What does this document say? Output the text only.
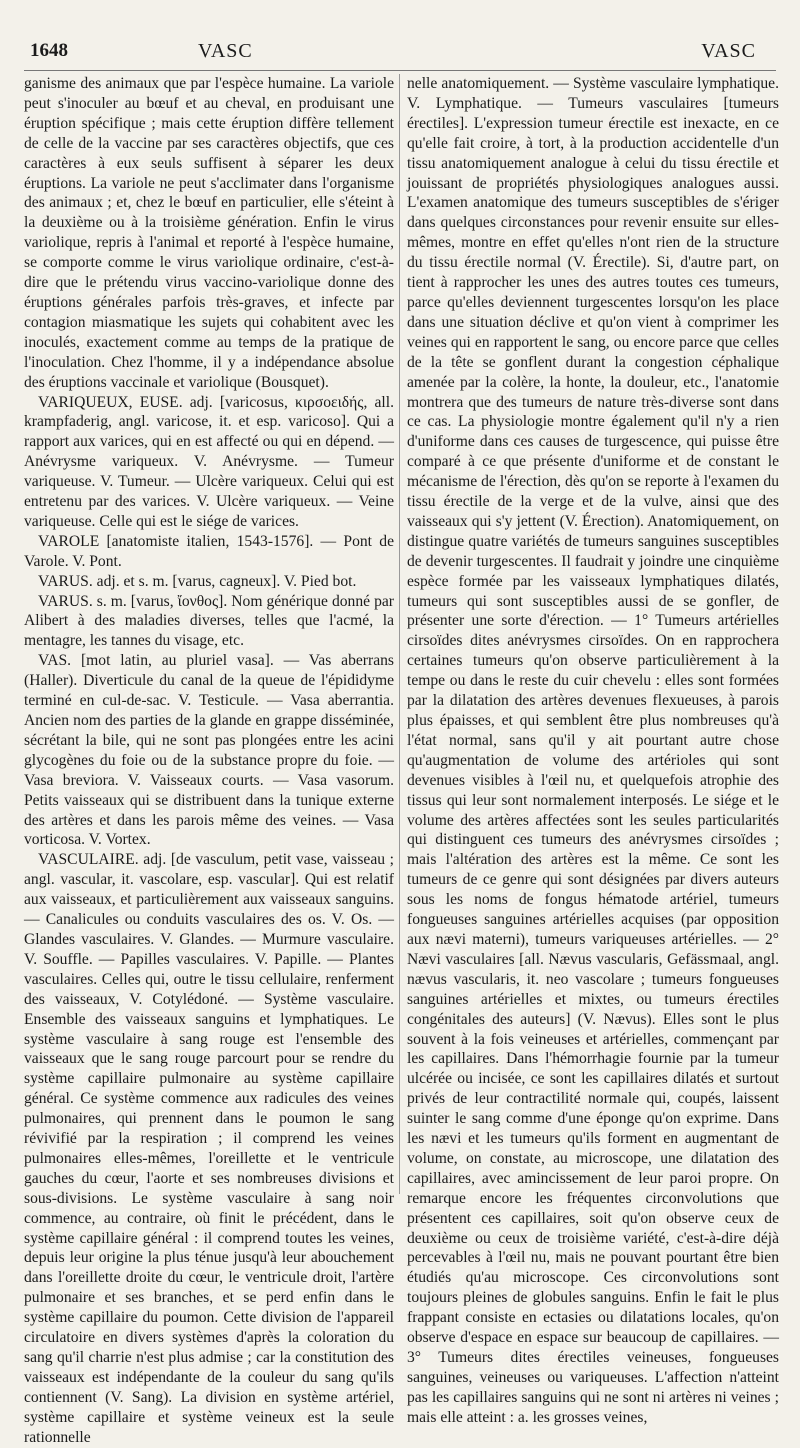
1648	VASC	VASC

ganisme des animaux que par l'espèce humaine. La variole peut s'inoculer au bœuf et au cheval, en produisant une éruption spécifique ; mais cette éruption diffère tellement de celle de la vaccine par ses caractères objectifs, que ces caractères à eux seuls suffisent à séparer les deux éruptions. La variole ne peut s'acclimater dans l'organisme des animaux ; et, chez le bœuf en particulier, elle s'éteint à la deuxième ou à la troisième génération. Enfin le virus variolique, repris à l'animal et reporté à l'espèce humaine, se comporte comme le virus variolique ordinaire, c'est-à-dire que le prétendu virus vaccino-variolique donne des éruptions générales parfois très-graves, et infecte par contagion miasmatique les sujets qui cohabitent avec les inoculés, exactement comme au temps de la pratique de l'inoculation. Chez l'homme, il y a indépendance absolue des éruptions vaccinale et variolique (Bousquet).

VARIQUEUX, EUSE. adj. [varicosus, κιρσοειδής, all. krampfaderig, angl. varicose, it. et esp. varicoso]. Qui a rapport aux varices, qui en est affecté ou qui en dépend. — Anévrysme variqueux. V. Anévrysme. — Tumeur variqueuse. V. Tumeur. — Ulcère variqueux. Celui qui est entretenu par des varices. V. Ulcère variqueux. — Veine variqueuse. Celle qui est le siége de varices.

VAROLE [anatomiste italien, 1543-1576]. — Pont de Varole. V. Pont.

VARUS. adj. et s. m. [varus, cagneux]. V. Pied bot.

VARUS. s. m. [varus, ἴονθος]. Nom générique donné par Alibert à des maladies diverses, telles que l'acmé, la mentagre, les tannes du visage, etc.

VAS. [mot latin, au pluriel vasa]. — Vas aberrans (Haller). Diverticule du canal de la queue de l'épididyme terminé en cul-de-sac. V. Testicule. — Vasa aberrantia. Ancien nom des parties de la glande en grappe disséminée, sécrétant la bile, qui ne sont pas plongées entre les acini glycogènes du foie ou de la substance propre du foie. — Vasa breviora. V. Vaisseaux courts. — Vasa vasorum. Petits vaisseaux qui se distribuent dans la tunique externe des artères et dans les parois même des veines. — Vasa vorticosa. V. Vortex.

VASCULAIRE. adj. [de vasculum, petit vase, vaisseau ; angl. vascular, it. vascolare, esp. vascular]. Qui est relatif aux vaisseaux, et particulièrement aux vaisseaux sanguins. — Canalicules ou conduits vasculaires des os. V. Os. — Glandes vasculaires. V. Glandes. — Murmure vasculaire. V. Souffle. — Papilles vasculaires. V. Papille. — Plantes vasculaires. Celles qui, outre le tissu cellulaire, renferment des vaisseaux, V. Cotylédoné. — Système vasculaire. Ensemble des vaisseaux sanguins et lymphatiques. Le système vasculaire à sang rouge est l'ensemble des vaisseaux que le sang rouge parcourt pour se rendre du système capillaire pulmonaire au système capillaire général. Ce système commence aux radicules des veines pulmonaires, qui prennent dans le poumon le sang révivifié par la respiration ; il comprend les veines pulmonaires elles-mêmes, l'oreillette et le ventricule gauches du cœur, l'aorte et ses nombreuses divisions et sous-divisions. Le système vasculaire à sang noir commence, au contraire, où finit le précédent, dans le système capillaire général : il comprend toutes les veines, depuis leur origine la plus ténue jusqu'à leur abouchement dans l'oreillette droite du cœur, le ventricule droit, l'artère pulmonaire et ses branches, et se perd enfin dans le système capillaire du poumon. Cette division de l'appareil circulatoire en divers systèmes d'après la coloration du sang qu'il charrie n'est plus admise ; car la constitution des vaisseaux est indépendante de la couleur du sang qu'ils contiennent (V. Sang). La division en système artériel, système capillaire et système veineux est la seule rationnelle

nelle anatomiquement. — Système vasculaire lymphatique. V. Lymphatique. — Tumeurs vasculaires [tumeurs érectiles]. L'expression tumeur érectile est inexacte, en ce qu'elle fait croire, à tort, à la production accidentelle d'un tissu anatomiquement analogue à celui du tissu érectile et jouissant de propriétés physiologiques analogues aussi. L'examen anatomique des tumeurs susceptibles de s'ériger dans quelques circonstances pour revenir ensuite sur elles-mêmes, montre en effet qu'elles n'ont rien de la structure du tissu érectile normal (V. Érectile). Si, d'autre part, on tient à rapprocher les unes des autres toutes ces tumeurs, parce qu'elles deviennent turgescentes lorsqu'on les place dans une situation déclive et qu'on vient à comprimer les veines qui en rapportent le sang, ou encore parce que celles de la tête se gonflent durant la congestion céphalique amenée par la colère, la honte, la douleur, etc., l'anatomie montrera que des tumeurs de nature très-diverse sont dans ce cas. La physiologie montre également qu'il n'y a rien d'uniforme dans ces causes de turgescence, qui puisse être comparé à ce que présente d'uniforme et de constant le mécanisme de l'érection, dès qu'on se reporte à l'examen du tissu érectile de la verge et de la vulve, ainsi que des vaisseaux qui s'y jettent (V. Érection). Anatomiquement, on distingue quatre variétés de tumeurs sanguines susceptibles de devenir turgescentes. Il faudrait y joindre une cinquième espèce formée par les vaisseaux lymphatiques dilatés, tumeurs qui sont susceptibles aussi de se gonfler, de présenter une sorte d'érection. — 1° Tumeurs artérielles cirsoïdes dites anévrysmes cirsoïdes. On en rapprochera certaines tumeurs qu'on observe particulièrement à la tempe ou dans le reste du cuir chevelu : elles sont formées par la dilatation des artères devenues flexueuses, à parois plus épaisses, et qui semblent être plus nombreuses qu'à l'état normal, sans qu'il y ait pourtant autre chose qu'augmentation de volume des artérioles qui sont devenues visibles à l'œil nu, et quelquefois atrophie des tissus qui leur sont normalement interposés. Le siége et le volume des artères affectées sont les seules particularités qui distinguent ces tumeurs des anévrysmes cirsoïdes ; mais l'altération des artères est la même. Ce sont les tumeurs de ce genre qui sont désignées par divers auteurs sous les noms de fongus hématode artériel, tumeurs fongueuses sanguines artérielles acquises (par opposition aux nævi materni), tumeurs variqueuses artérielles. — 2° Nævi vasculaires [all. Nævus vascularis, Gefässmaal, angl. nævus vascularis, it. neo vascolare ; tumeurs fongueuses sanguines artérielles et mixtes, ou tumeurs érectiles congénitales des auteurs] (V. Nævus). Elles sont le plus souvent à la fois veineuses et artérielles, commençant par les capillaires. Dans l'hémorrhagie fournie par la tumeur ulcérée ou incisée, ce sont les capillaires dilatés et surtout privés de leur contractilité normale qui, coupés, laissent suinter le sang comme d'une éponge qu'on exprime. Dans les nævi et les tumeurs qu'ils forment en augmentant de volume, on constate, au microscope, une dilatation des capillaires, avec amincissement de leur paroi propre. On remarque encore les fréquentes circonvolutions que présentent ces capillaires, soit qu'on observe ceux de deuxième ou ceux de troisième variété, c'est-à-dire déjà percevables à l'œil nu, mais ne pouvant pourtant être bien étudiés qu'au microscope. Ces circonvolutions sont toujours pleines de globules sanguins. Enfin le fait le plus frappant consiste en ectasies ou dilatations locales, qu'on observe d'espace en espace sur beaucoup de capillaires. — 3° Tumeurs dites érectiles veineuses, fongueuses sanguines, veineuses ou variqueuses. L'affection n'atteint pas les capillaires sanguins qui ne sont ni artères ni veines ; mais elle atteint : a. les grosses veines,
